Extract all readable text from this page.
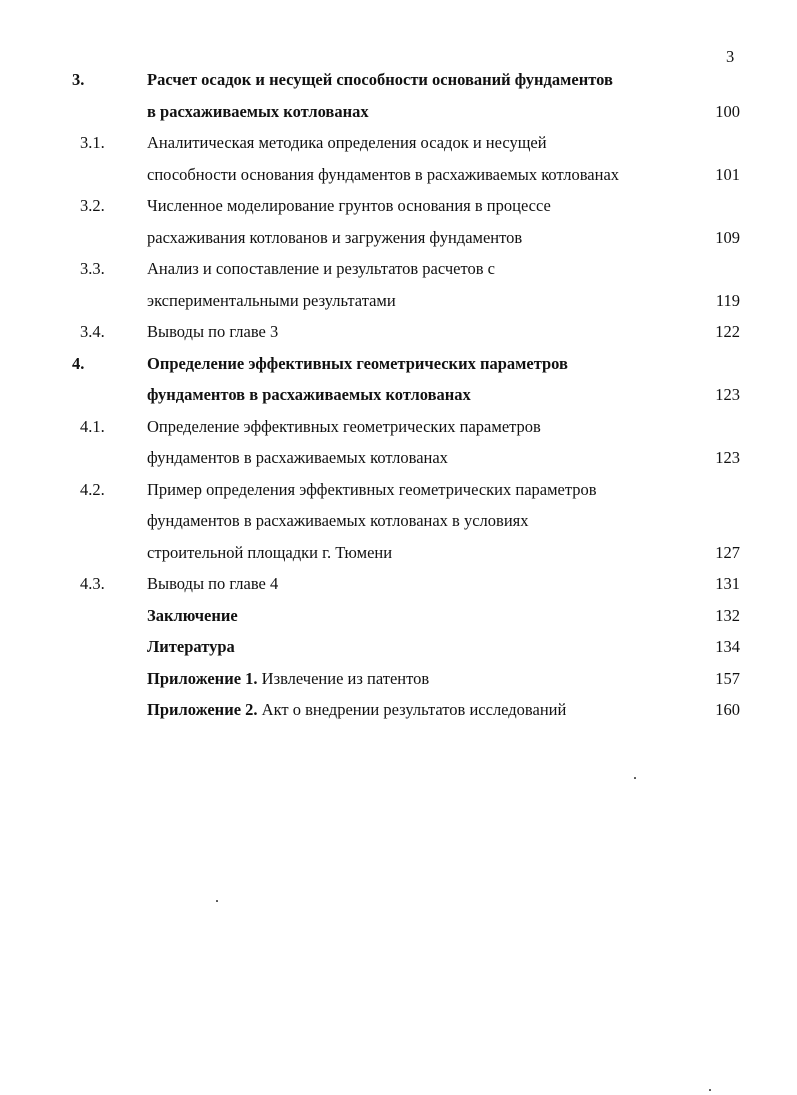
3
3.	Расчет осадок и несущей способности оснований фундаментов
в расхаживаемых котлованах	100
3.1.	Аналитическая методика определения осадок и несущей
способности основания фундаментов в расхаживаемых котлованах	101
3.2.	Численное моделирование грунтов основания в процессе
расхаживания котлованов и загружения фундаментов	109
3.3.	Анализ и сопоставление и результатов расчетов с
экспериментальными результатами	119
3.4.	Выводы по главе 3	122
4.	Определение эффективных геометрических параметров
фундаментов в расхаживаемых котлованах	123
4.1.	Определение эффективных геометрических параметров
фундаментов в расхаживаемых котлованах	123
4.2.	Пример определения эффективных геометрических параметров
фундаментов в расхаживаемых котлованах в условиях
строительной площадки г. Тюмени	127
4.3.	Выводы по главе 4	131
Заключение	132
Литература	134
Приложение 1. Извлечение из патентов	157
Приложение 2. Акт о внедрении результатов исследований	160
